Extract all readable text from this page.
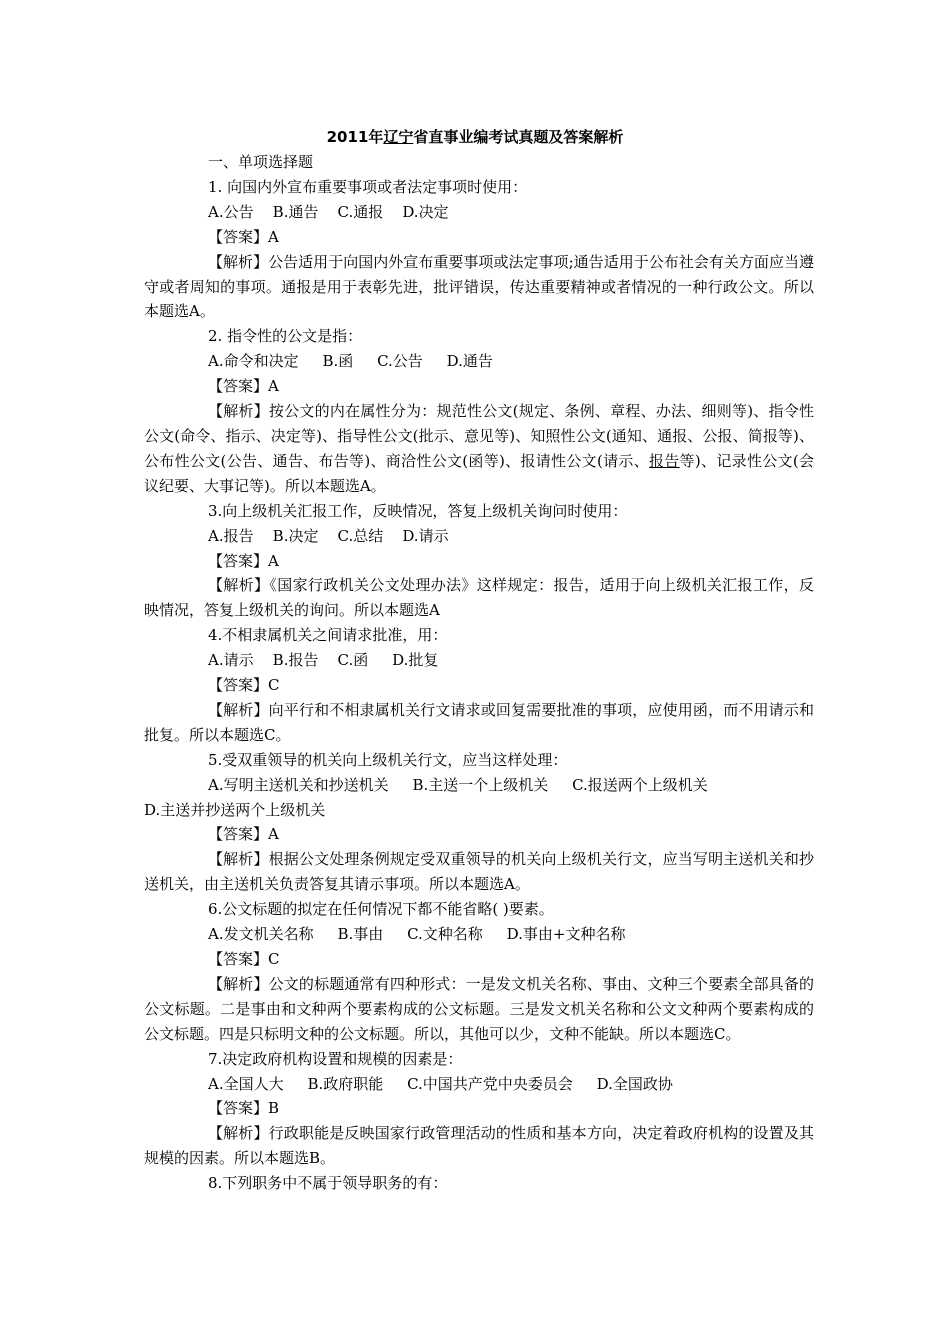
2011年辽宁省直事业编考试真题及答案解析

一、单项选择题

1. 向国内外宣布重要事项或者法定事项时使用：

A.公告    B.通告    C.通报    D.决定

【答案】A

【解析】公告适用于向国内外宣布重要事项或法定事项;通告适用于公布社会有关方面应当遵守或者周知的事项。通报是用于表彰先进，批评错误，传达重要精神或者情况的一种行政公文。所以本题选A。

2. 指令性的公文是指：

A.命令和决定     B.函     C.公告     D.通告

【答案】A

【解析】按公文的内在属性分为：规范性公文(规定、条例、章程、办法、细则等)、指令性公文(命令、指示、决定等)、指导性公文(批示、意见等)、知照性公文(通知、通报、公报、简报等)、公布性公文(公告、通告、布告等)、商洽性公文(函等)、报请性公文(请示、报告等)、记录性公文(会议纪要、大事记等)。所以本题选A。

3.向上级机关汇报工作，反映情况，答复上级机关询问时使用：

A.报告    B.决定    C.总结    D.请示

【答案】A

【解析】《国家行政机关公文处理办法》这样规定：报告，适用于向上级机关汇报工作，反映情况，答复上级机关的询问。所以本题选A

4.不相隶属机关之间请求批准，用：

A.请示    B.报告    C.函     D.批复

【答案】C

【解析】向平行和不相隶属机关行文请求或回复需要批准的事项，应使用函，而不用请示和批复。所以本题选C。

5.受双重领导的机关向上级机关行文，应当这样处理：

A.写明主送机关和抄送机关     B.主送一个上级机关     C.报送两个上级机关

D.主送并抄送两个上级机关

【答案】A

【解析】根据公文处理条例规定受双重领导的机关向上级机关行文，应当写明主送机关和抄送机关，由主送机关负责答复其请示事项。所以本题选A。

6.公文标题的拟定在任何情况下都不能省略( )要素。

A.发文机关名称     B.事由     C.文种名称     D.事由+文种名称

【答案】C

【解析】公文的标题通常有四种形式：一是发文机关名称、事由、文种三个要素全部具备的公文标题。二是事由和文种两个要素构成的公文标题。三是发文机关名称和公文文种两个要素构成的公文标题。四是只标明文种的公文标题。所以，其他可以少，文种不能缺。所以本题选C。

7.决定政府机构设置和规模的因素是：

A.全国人大     B.政府职能     C.中国共产党中央委员会     D.全国政协

【答案】B

【解析】行政职能是反映国家行政管理活动的性质和基本方向，决定着政府机构的设置及其规模的因素。所以本题选B。

8.下列职务中不属于领导职务的有：
